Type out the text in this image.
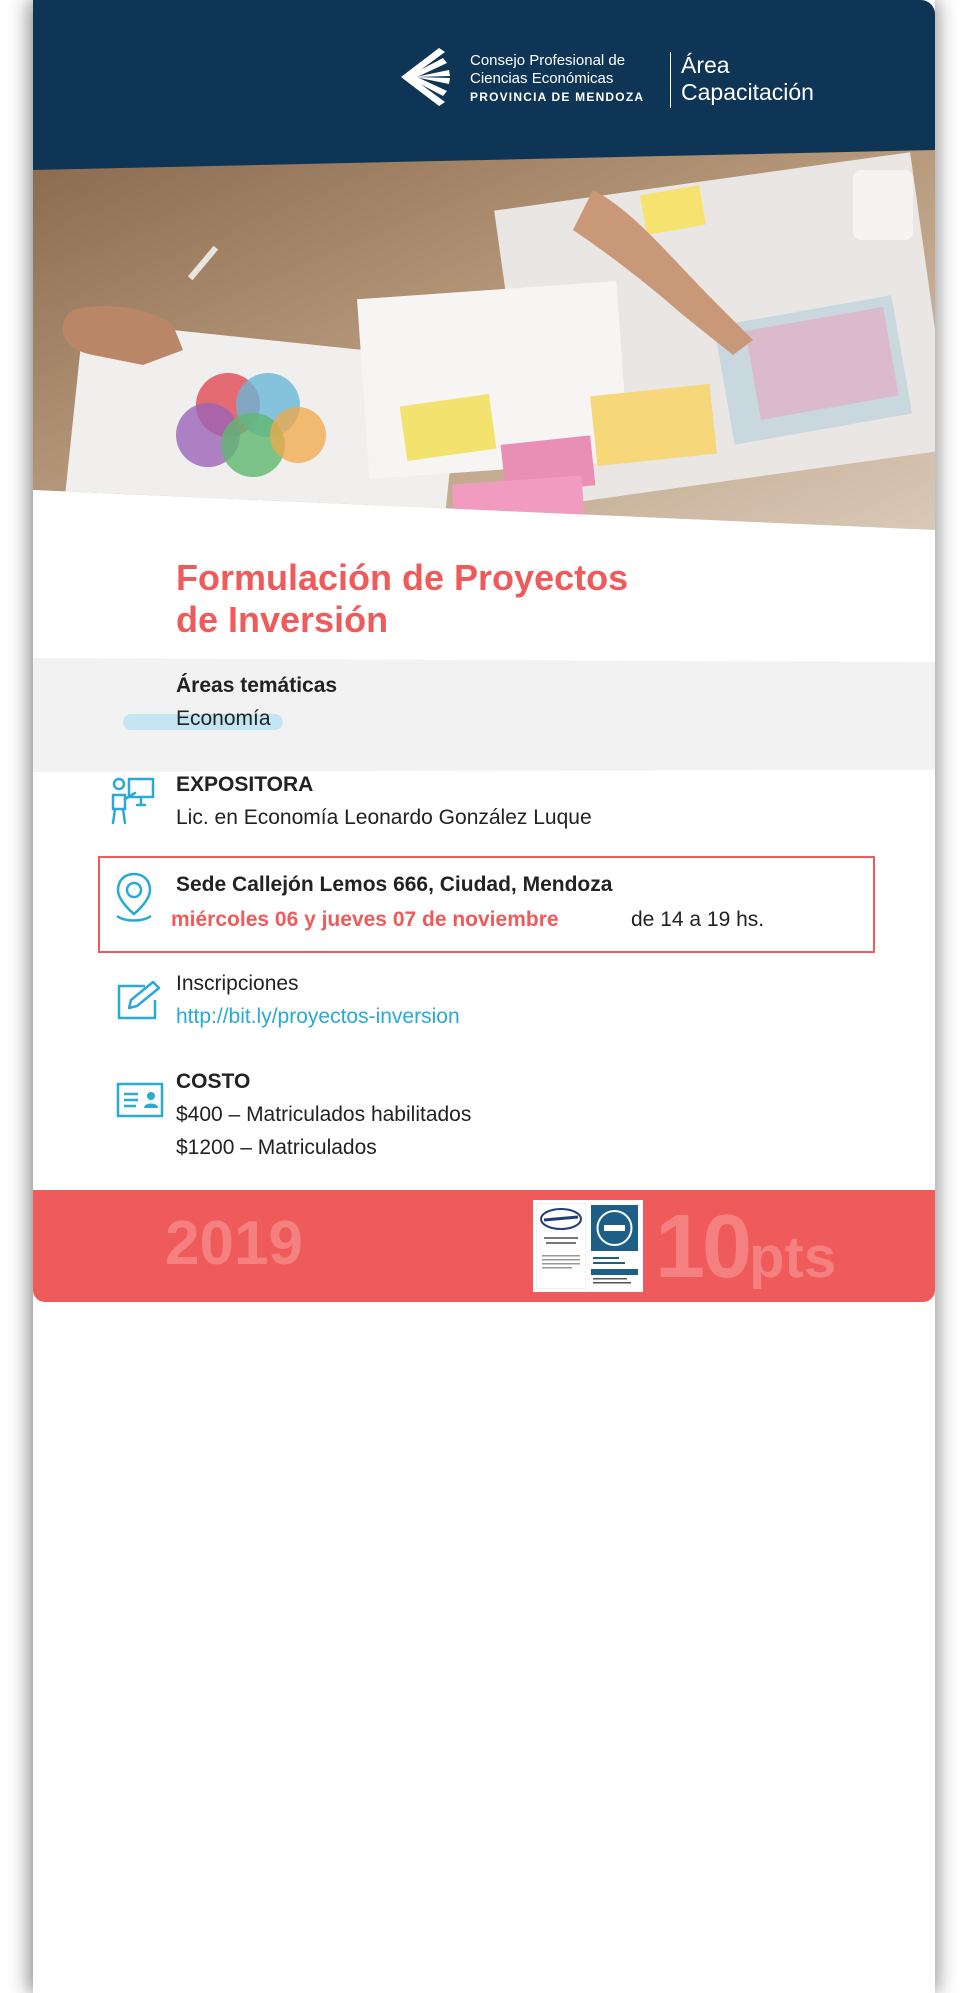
Consejo Profesional de
Ciencias Económicas
PROVINCIA DE MENDOZA
Área
Capacitación
Formulación de Proyectos
de Inversión
Áreas temáticas
Economía
EXPOSITORA
Lic. en Economía Leonardo González Luque
Sede Callejón Lemos 666, Ciudad, Mendoza
miércoles 06 y jueves 07 de noviembre	de 14 a 19 hs.
Inscripciones
http://bit.ly/proyectos-inversion
COSTO
$400 – Matriculados habilitados
$1200 – Matriculados
2019	10pts

OBJETIVO

El curso tiene como objetivo brindar conocimientos y

herramientas que permitan comprender las distintas etapas

involucradas en el proceso de formulación y evaluación de un

Proyecto de inversión. Al finalizar esta actividad, se espera que los

participantes puedan aplicar las herramientas de evaluación de

proyectos, analizando los distintos indicadores que permiten

efectuar su correcta evaluación.

Temario

Conceptos introductorios.

Tipología de los proyectos.

Etapas de un proyecto: Idea, Preinversión

(prefactibilidad-factibilidad), Inversión y Operación.

Estudios de Viabilidad de los proyectos.

Cálculo de costos y beneficios relevantes.

Flujos de Fondos, valor del dinero en el tiempo.

Criterios para la decisión de inversión.

Caso integrado
